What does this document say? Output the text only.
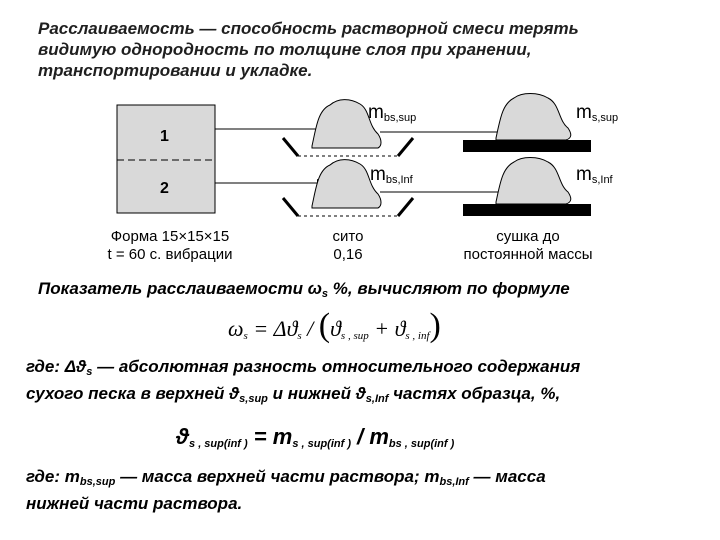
Расслаиваемость — способность растворной смеси терять
видимую однородность по толщине слоя при хранении,
транспортировании и укладке.
1
2
$m_{bs,sup}$	$m_{s,sup}$
$m_{bs,Inf}$	$m_{s,Inf}$
Форма 15×15×15
t = 60 с. вибрации
сито
0,16
сушка до
постоянной массы
Показатель расслаиваемости $\omega_s$ %, вычисляют по формуле
$\omega_s = \Delta ϑ_s / (ϑ_{s , sup} + ϑ_{s , inf})$
где: $\Delta ϑ_s$ — абсолютная разность относительного содержания
сухого песка в верхней $ϑ_{s,sup}$ и нижней $ϑ_{s,Inf}$ частях образца, %,
$ϑ_{s , sup(inf )} = m_{s , sup(inf )} / m_{bs , sup(inf )}$
где: $m_{bs,sup}$ — масса верхней части раствора; $m_{bs,Inf}$ — масса
нижней части раствора.
